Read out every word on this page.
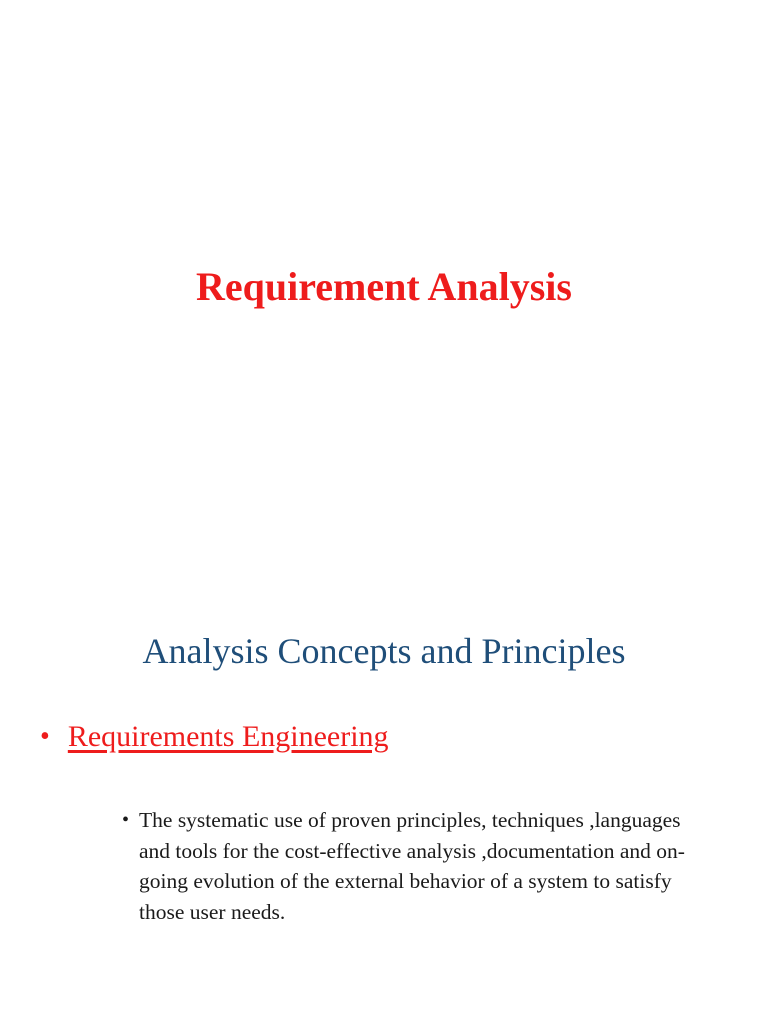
Requirement Analysis
Analysis Concepts and Principles
• Requirements Engineering
• The systematic use of proven principles, techniques ,languages and tools for the cost-effective analysis ,documentation and on-going evolution of the external behavior of a system to satisfy those user needs.
